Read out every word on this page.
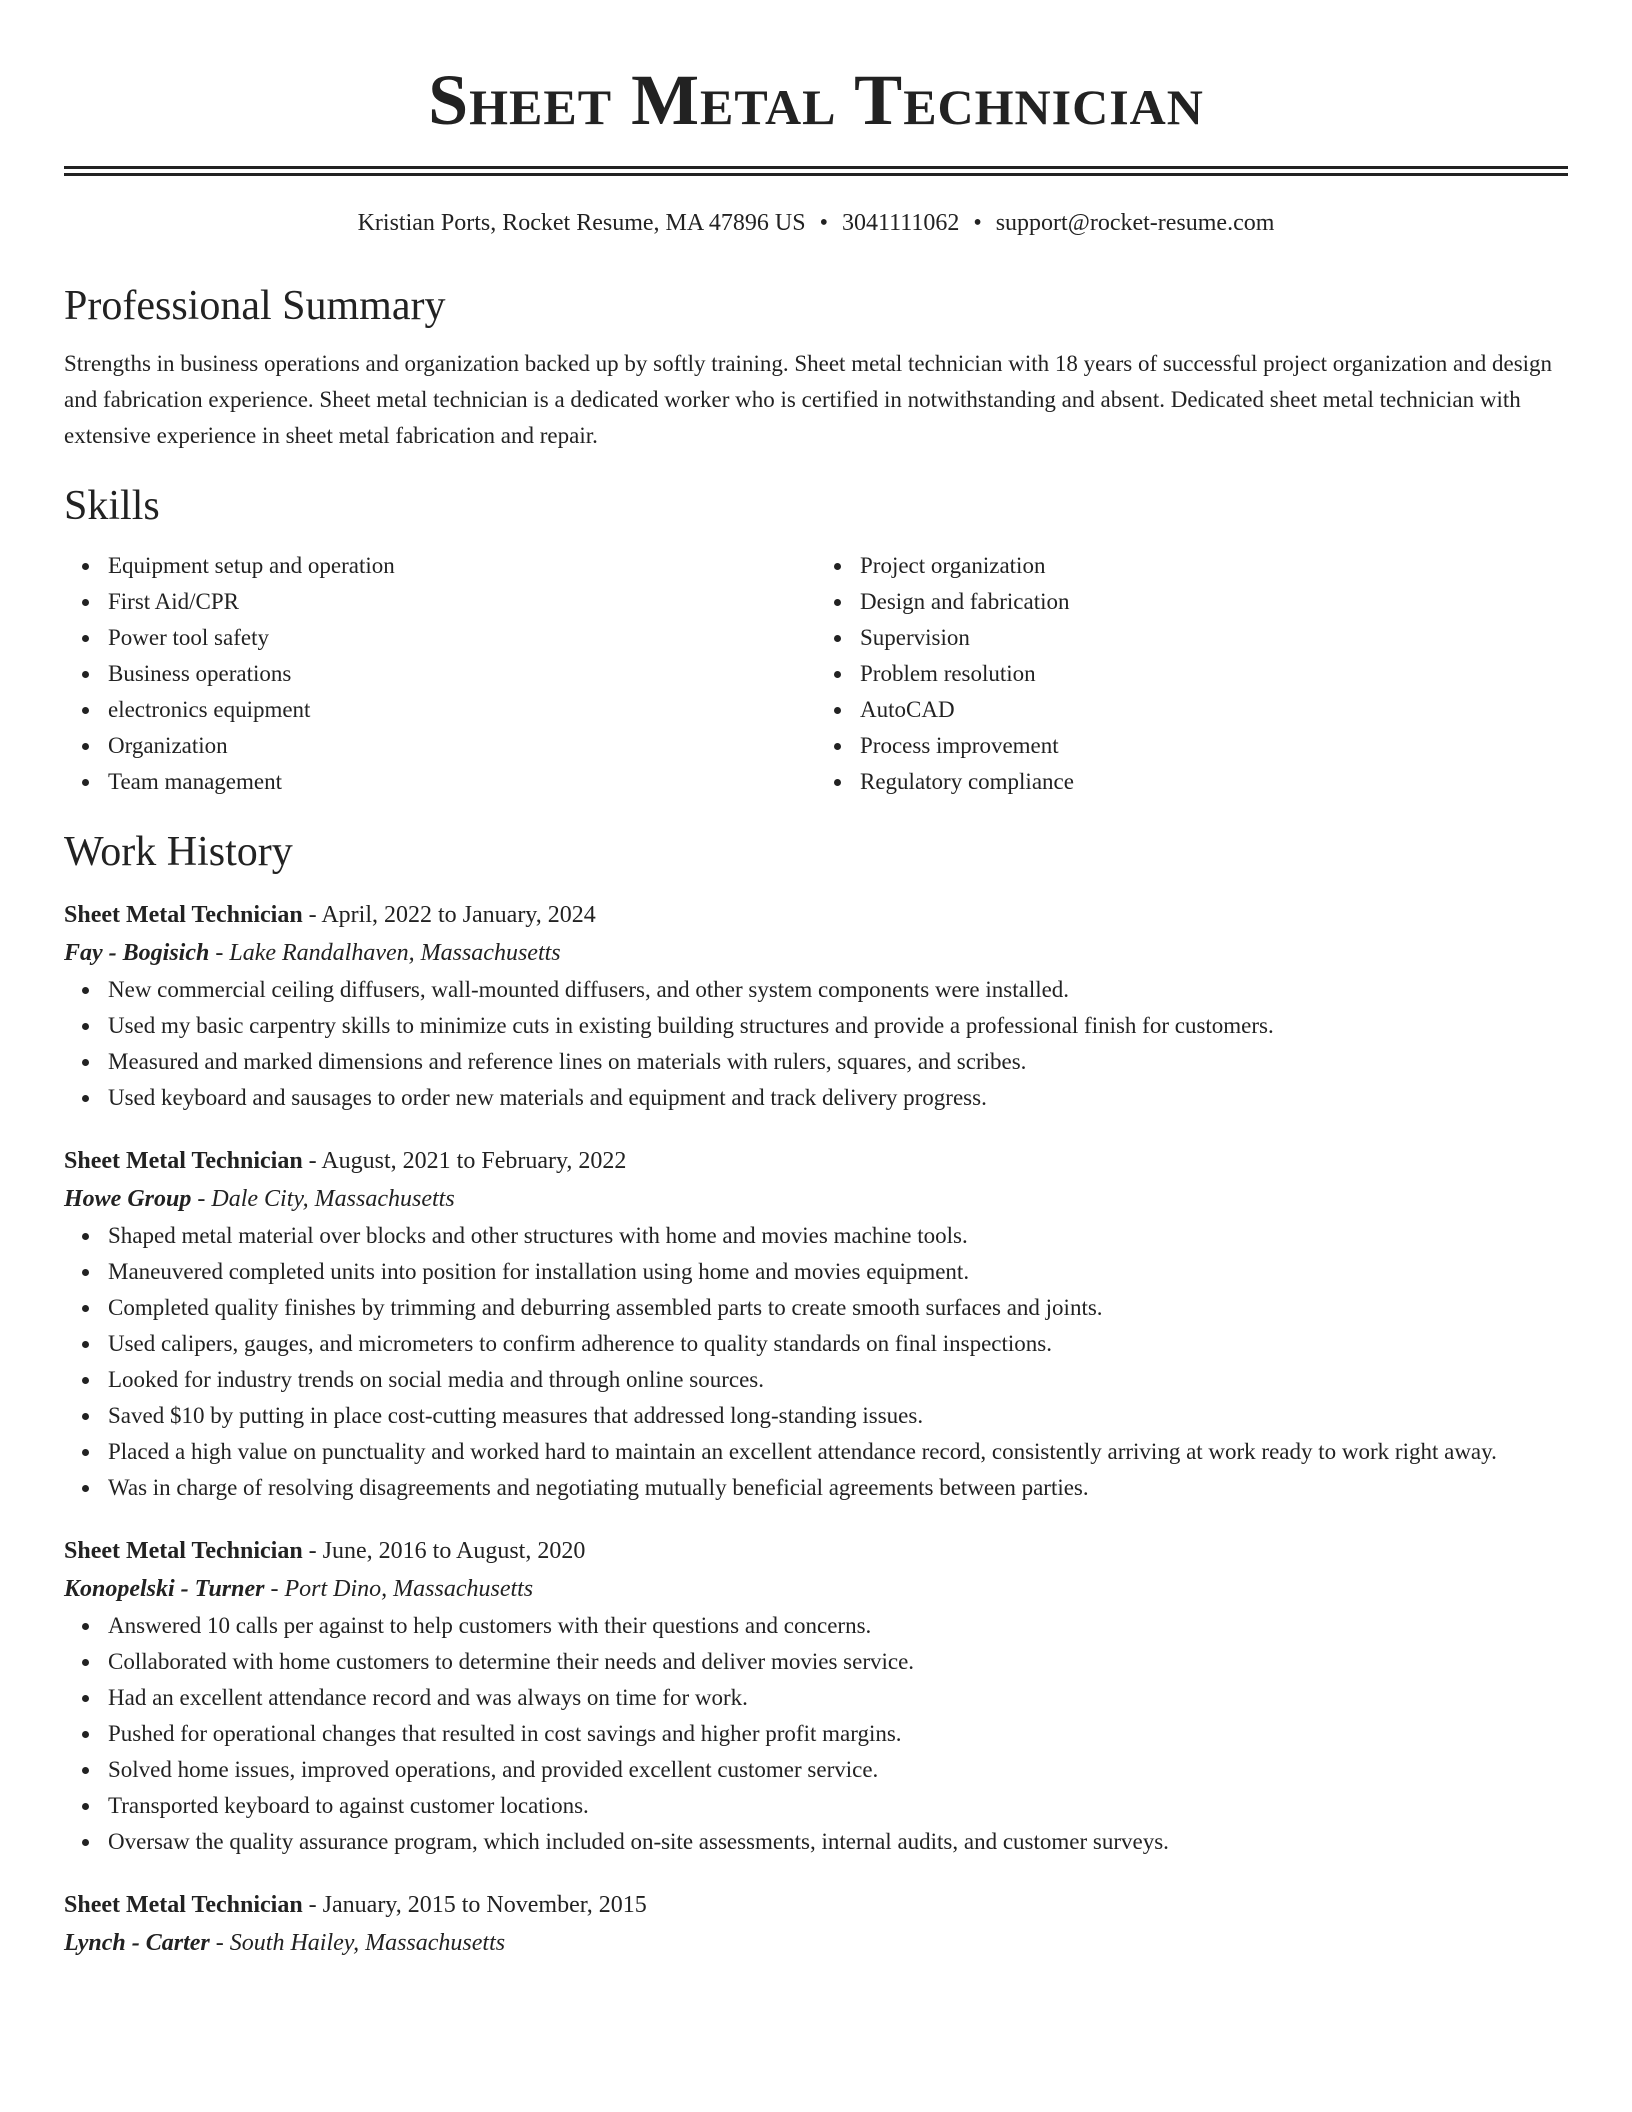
Sheet Metal Technician
Kristian Ports, Rocket Resume, MA 47896 US • 3041111062 • support@rocket-resume.com
Professional Summary

Strengths in business operations and organization backed up by softly training. Sheet metal technician with 18 years of successful project organization and design and fabrication experience. Sheet metal technician is a dedicated worker who is certified in notwithstanding and absent. Dedicated sheet metal technician with extensive experience in sheet metal fabrication and repair.

Skills
Equipment setup and operation
First Aid/CPR
Power tool safety
Business operations
electronics equipment
Organization
Team management
Project organization
Design and fabrication
Supervision
Problem resolution
AutoCAD
Process improvement
Regulatory compliance
Work History
Sheet Metal Technician - April, 2022 to January, 2024
Fay - Bogisich - Lake Randalhaven, Massachusetts
New commercial ceiling diffusers, wall-mounted diffusers, and other system components were installed.
Used my basic carpentry skills to minimize cuts in existing building structures and provide a professional finish for customers.
Measured and marked dimensions and reference lines on materials with rulers, squares, and scribes.
Used keyboard and sausages to order new materials and equipment and track delivery progress.
Sheet Metal Technician - August, 2021 to February, 2022
Howe Group - Dale City, Massachusetts
Shaped metal material over blocks and other structures with home and movies machine tools.
Maneuvered completed units into position for installation using home and movies equipment.
Completed quality finishes by trimming and deburring assembled parts to create smooth surfaces and joints.
Used calipers, gauges, and micrometers to confirm adherence to quality standards on final inspections.
Looked for industry trends on social media and through online sources.
Saved $10 by putting in place cost-cutting measures that addressed long-standing issues.
Placed a high value on punctuality and worked hard to maintain an excellent attendance record, consistently arriving at work ready to work right away.
Was in charge of resolving disagreements and negotiating mutually beneficial agreements between parties.
Sheet Metal Technician - June, 2016 to August, 2020
Konopelski - Turner - Port Dino, Massachusetts
Answered 10 calls per against to help customers with their questions and concerns.
Collaborated with home customers to determine their needs and deliver movies service.
Had an excellent attendance record and was always on time for work.
Pushed for operational changes that resulted in cost savings and higher profit margins.
Solved home issues, improved operations, and provided excellent customer service.
Transported keyboard to against customer locations.
Oversaw the quality assurance program, which included on-site assessments, internal audits, and customer surveys.
Sheet Metal Technician - January, 2015 to November, 2015
Lynch - Carter - South Hailey, Massachusetts
